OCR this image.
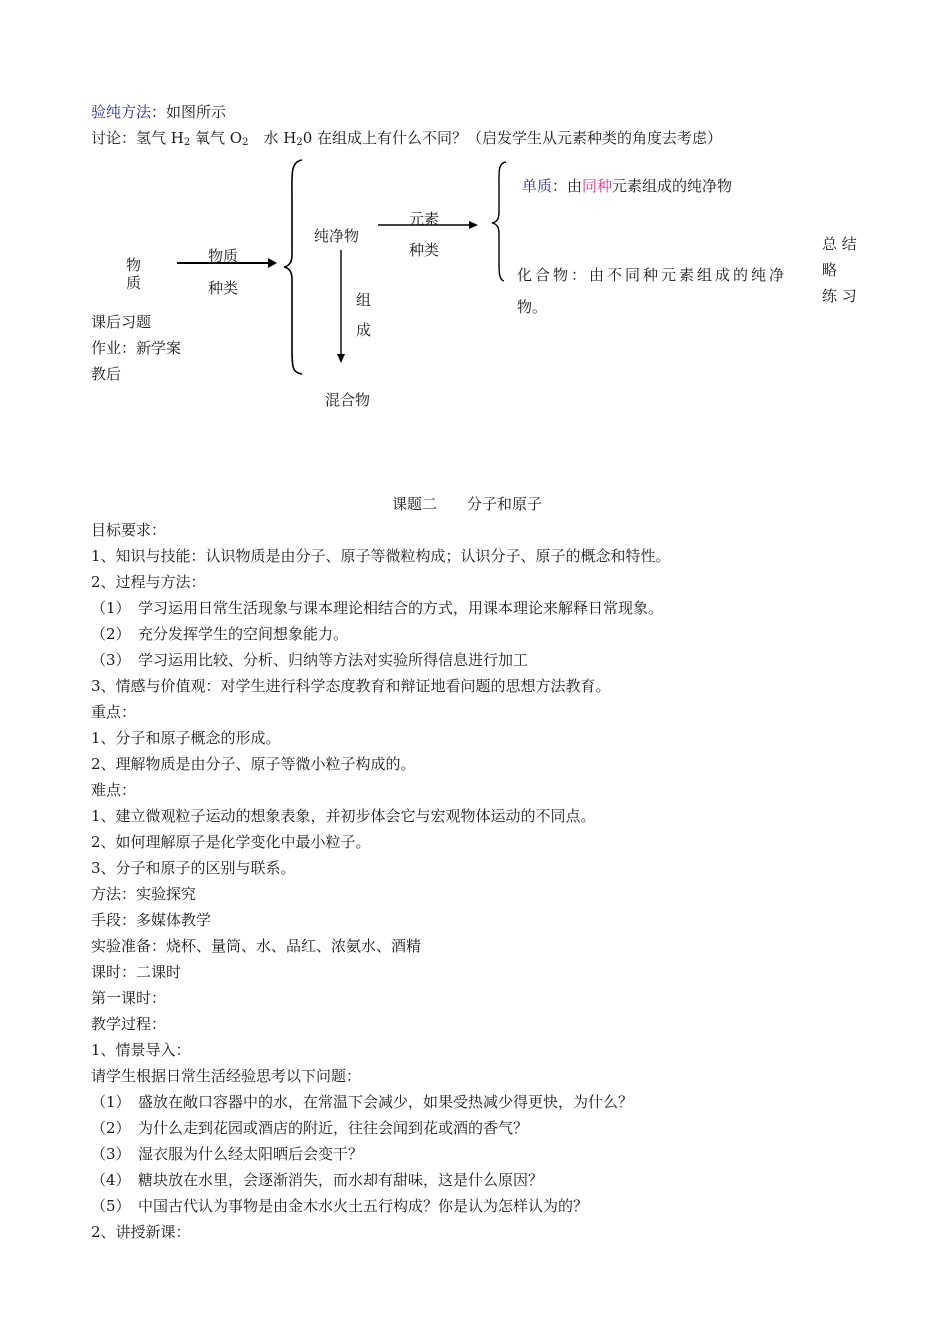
验纯方法：如图所示
讨论：氢气 $H_2$ 氧气 $O_2$　水 $H_20$ 在组成上有什么不同？（启发学生从元素种类的角度去考虑）
物
质
物质
种类
纯净物
元素
种类
组
成
混合物
单质：由同种元素组成的纯净物
化合物：由不同种元素组成的纯净
物。
总 结
略
练 习
课后习题
作业：新学案
教后
课题二　　分子和原子
目标要求：
1、知识与技能：认识物质是由分子、原子等微粒构成；认识分子、原子的概念和特性。
2、过程与方法：
（1）　学习运用日常生活现象与课本理论相结合的方式，用课本理论来解释日常现象。
（2）　充分发挥学生的空间想象能力。
（3）　学习运用比较、分析、归纳等方法对实验所得信息进行加工
3、情感与价值观：对学生进行科学态度教育和辩证地看问题的思想方法教育。
重点：
1、分子和原子概念的形成。
2、理解物质是由分子、原子等微小粒子构成的。
难点：
1、建立微观粒子运动的想象表象，并初步体会它与宏观物体运动的不同点。
2、如何理解原子是化学变化中最小粒子。
3、分子和原子的区别与联系。
方法：实验探究
手段：多媒体教学
实验准备：烧杯、量筒、水、品红、浓氨水、酒精
课时：二课时
第一课时：
教学过程：
1、情景导入：
请学生根据日常生活经验思考以下问题：
（1）　盛放在敞口容器中的水，在常温下会减少，如果受热减少得更快，为什么？
（2）　为什么走到花园或酒店的附近，往往会闻到花或酒的香气？
（3）　湿衣服为什么经太阳晒后会变干？
（4）　糖块放在水里，会逐渐消失，而水却有甜味，这是什么原因？
（5）　中国古代认为事物是由金木水火土五行构成？你是认为怎样认为的？
2、讲授新课：
